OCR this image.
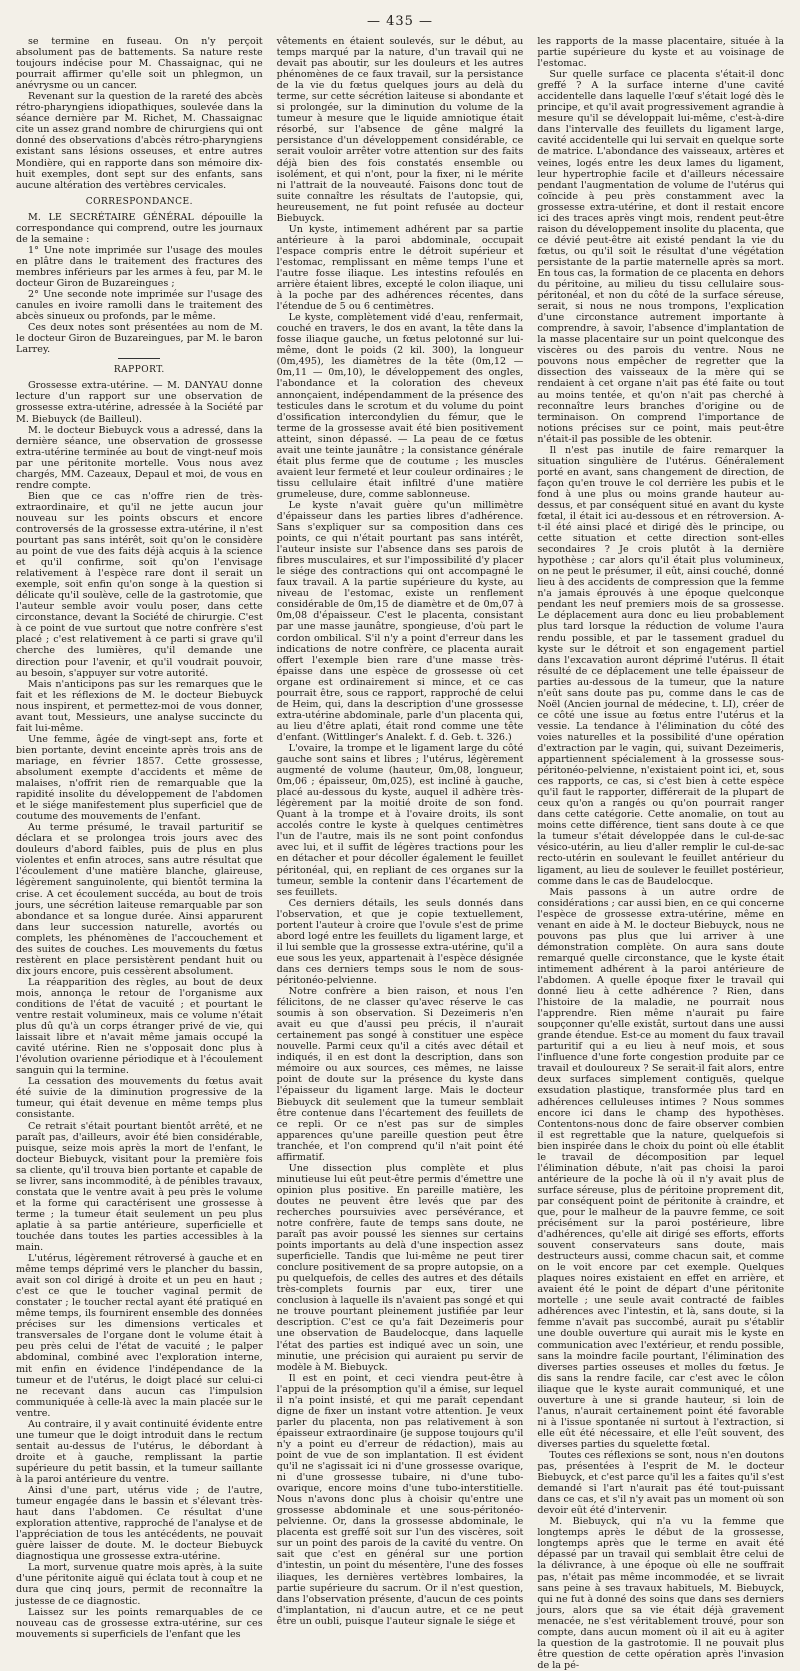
— 435 —

se termine en fuseau. On n'y perçoit absolument pas de battements. Sa nature reste toujours indécise pour M. Chassaignac, qui ne pourrait affirmer qu'elle soit un phlegmon, un anévrysme ou un cancer.

Revenant sur la question de la rareté des abcès rétro-pharyngiens idiopathiques, soulevée dans la séance dernière par M. Richet, M. Chassaignac cite un assez grand nombre de chirurgiens qui ont donné des observations d'abcès rétro-pharyngiens existant sans lésions osseuses, et entre autres Mondière, qui en rapporte dans son mémoire dix-huit exemples, dont sept sur des enfants, sans aucune altération des vertèbres cervicales.

CORRESPONDANCE.

M. LE SECRÉTAIRE GÉNÉRAL dépouille la correspondance qui comprend, outre les journaux de la semaine :

1° Une note imprimée sur l'usage des moules en plâtre dans le traitement des fractures des membres inférieurs par les armes à feu, par M. le docteur Giron de Buzareingues ;

2° Une seconde note imprimée sur l'usage des canules en ivoire ramolli dans le traitement des abcès sinueux ou profonds, par le même.

Ces deux notes sont présentées au nom de M. le docteur Giron de Buzareingues, par M. le baron Larrey.

RAPPORT.

Grossesse extra-utérine. — M. DANYAU donne lecture d'un rapport sur une observation de grossesse extra-utérine, adressée à la Société par M. Biebuyck (de Bailleul).

M. le docteur Biebuyck vous a adressé, dans la dernière séance, une observation de grossesse extra-utérine terminée au bout de vingt-neuf mois par une péritonite mortelle. Vous nous avez chargés, MM. Cazeaux, Depaul et moi, de vous en rendre compte.

Bien que ce cas n'offre rien de très-extraordinaire, et qu'il ne jette aucun jour nouveau sur les points obscurs et encore controversés de la grossesse extra-utérine, il n'est pourtant pas sans intérêt, soit qu'on le considère au point de vue des faits déjà acquis à la science et qu'il confirme, soit qu'on l'envisage relativement à l'espèce rare dont il serait un exemple, soit enfin qu'on songe à la question si délicate qu'il soulève, celle de la gastrotomie, que l'auteur semble avoir voulu poser, dans cette circonstance, devant la Société de chirurgie. C'est à ce point de vue surtout que notre confrère s'est placé ; c'est relativement à ce parti si grave qu'il cherche des lumières, qu'il demande une direction pour l'avenir, et qu'il voudrait pouvoir, au besoin, s'appuyer sur votre autorité.

Mais n'anticipons pas sur les remarques que le fait et les réflexions de M. le docteur Biebuyck nous inspirent, et permettez-moi de vous donner, avant tout, Messieurs, une analyse succincte du fait lui-même.

Une femme, âgée de vingt-sept ans, forte et bien portante, devint enceinte après trois ans de mariage, en février 1857. Cette grossesse, absolument exempte d'accidents et même de malaises, n'offrit rien de remarquable que la rapidité insolite du développement de l'abdomen et le siége manifestement plus superficiel que de coutume des mouvements de l'enfant.

Au terme présumé, le travail parturitif se déclara et se prolongea trois jours avec des douleurs d'abord faibles, puis de plus en plus violentes et enfin atroces, sans autre résultat que l'écoulement d'une matière blanche, glaireuse, légèrement sanguinolente, qui bientôt termina la crise. A cet écoulement succéda, au bout de trois jours, une sécrétion laiteuse remarquable par son abondance et sa longue durée. Ainsi apparurent dans leur succession naturelle, avortés ou complets, les phénomènes de l'accouchement et des suites de couches. Les mouvements du fœtus restèrent en place persistèrent pendant huit ou dix jours encore, puis cessèrent absolument.

La réapparition des règles, au bout de deux mois, annonça le retour de l'organisme aux conditions de l'état de vacuité ; et pourtant le ventre restait volumineux, mais ce volume n'était plus dû qu'à un corps étranger privé de vie, qui laissait libre et n'avait même jamais occupé la cavité utérine. Rien ne s'opposait donc plus à l'évolution ovarienne périodique et à l'écoulement sanguin qui la termine.

La cessation des mouvements du fœtus avait été suivie de la diminution progressive de la tumeur, qui était devenue en même temps plus consistante.

Ce retrait s'était pourtant bientôt arrêté, et ne paraît pas, d'ailleurs, avoir été bien considérable, puisque, seize mois après la mort de l'enfant, le docteur Biebuyck, visitant pour la première fois sa cliente, qu'il trouva bien portante et capable de se livrer, sans incommodité, à de pénibles travaux, constata que le ventre avait à peu près le volume et la forme qui caractérisent une grossesse à terme ; la tumeur était seulement un peu plus aplatie à sa partie antérieure, superficielle et touchée dans toutes les parties accessibles à la main.

L'utérus, légèrement rétroversé à gauche et en même temps déprimé vers le plancher du bassin, avait son col dirigé à droite et un peu en haut ; c'est ce que le toucher vaginal permit de constater ; le toucher rectal ayant été pratiqué en même temps, ils fournirent ensemble des données précises sur les dimensions verticales et transversales de l'organe dont le volume était à peu près celui de l'état de vacuité ; le palper abdominal, combiné avec l'exploration interne, mit enfin en évidence l'indépendance de la tumeur et de l'utérus, le doigt placé sur celui-ci ne recevant dans aucun cas l'impulsion communiquée à celle-là avec la main placée sur le ventre.

Au contraire, il y avait continuité évidente entre une tumeur que le doigt introduit dans le rectum sentait au-dessus de l'utérus, le débordant à droite et à gauche, remplissant la partie supérieure du petit bassin, et la tumeur saillante à la paroi antérieure du ventre.

Ainsi d'une part, utérus vide ; de l'autre, tumeur engagée dans le bassin et s'élevant très-haut dans l'abdomen. Ce résultat d'une exploration attentive, rapproché de l'analyse et de l'appréciation de tous les antécédents, ne pouvait guère laisser de doute. M. le docteur Biebuyck diagnostiqua une grossesse extra-utérine.

La mort, survenue quatre mois après, à la suite d'une péritonite aiguë qui éclata tout à coup et ne dura que cinq jours, permit de reconnaître la justesse de ce diagnostic.

Laissez sur les points remarquables de ce nouveau cas de grossesse extra-utérine, sur ces mouvements si superficiels de l'enfant que les

vêtements en étaient soulevés, sur le début, au temps marqué par la nature, d'un travail qui ne devait pas aboutir, sur les douleurs et les autres phénomènes de ce faux travail, sur la persistance de la vie du fœtus quelques jours au delà du terme, sur cette sécrétion laiteuse si abondante et si prolongée, sur la diminution du volume de la tumeur à mesure que le liquide amniotique était résorbé, sur l'absence de gêne malgré la persistance d'un développement considérable, ce serait vouloir arrêter votre attention sur des faits déjà bien des fois constatés ensemble ou isolément, et qui n'ont, pour la fixer, ni le mérite ni l'attrait de la nouveauté. Faisons donc tout de suite connaître les résultats de l'autopsie, qui, heureusement, ne fut point refusée au docteur Biebuyck.

Un kyste, intimement adhérent par sa partie antérieure à la paroi abdominale, occupait l'espace compris entre le détroit supérieur et l'estomac, remplissant en même temps l'une et l'autre fosse iliaque. Les intestins refoulés en arrière étaient libres, excepté le colon iliaque, uni à la poche par des adhérences récentes, dans l'étendue de 5 ou 6 centimètres.

Le kyste, complètement vidé d'eau, renfermait, couché en travers, le dos en avant, la tête dans la fosse iliaque gauche, un fœtus pelotonné sur lui-même, dont le poids (2 kil. 300), la longueur (0m,495), les diamètres de la tête (0m,12 — 0m,11 — 0m,10), le développement des ongles, l'abondance et la coloration des cheveux annonçaient, indépendamment de la présence des testicules dans le scrotum et du volume du point d'ossification intercondylien du fémur, que le terme de la grossesse avait été bien positivement atteint, sinon dépassé. — La peau de ce fœtus avait une teinte jaunâtre ; la consistance générale était plus ferme que de coutume ; les muscles avaient leur fermeté et leur couleur ordinaires ; le tissu cellulaire était infiltré d'une matière grumeleuse, dure, comme sablonneuse.

Le kyste n'avait guère qu'un millimètre d'épaisseur dans les parties libres d'adhérence. Sans s'expliquer sur sa composition dans ces points, ce qui n'était pourtant pas sans intérêt, l'auteur insiste sur l'absence dans ses parois de fibres musculaires, et sur l'impossibilité d'y placer le siége des contractions qui ont accompagné le faux travail. A la partie supérieure du kyste, au niveau de l'estomac, existe un renflement considérable de 0m,15 de diamètre et de 0m,07 à 0m,08 d'épaisseur. C'est le placenta, consistant par une masse jaunâtre, spongieuse, d'où part le cordon ombilical. S'il n'y a point d'erreur dans les indications de notre confrère, ce placenta aurait offert l'exemple bien rare d'une masse très-épaisse dans une espèce de grossesse où cet organe est ordinairement si mince, et ce cas pourrait être, sous ce rapport, rapproché de celui de Heim, qui, dans la description d'une grossesse extra-utérine abdominale, parle d'un placenta qui, au lieu d'être aplati, était rond comme une tête d'enfant. (Wittlinger's Analekt. f. d. Geb. t. 326.)

L'ovaire, la trompe et le ligament large du côté gauche sont sains et libres ; l'utérus, légèrement augmenté de volume (hauteur, 0m,08, longueur, 0m,06 ; épaisseur, 0m,025), est incliné à gauche, placé au-dessous du kyste, auquel il adhère très-légèrement par la moitié droite de son fond. Quant à la trompe et à l'ovaire droits, ils sont accolés contre le kyste à quelques centimètres l'un de l'autre, mais ils ne sont point confondus avec lui, et il suffit de légères tractions pour les en détacher et pour décoller également le feuillet péritonéal, qui, en repliant de ces organes sur la tumeur, semble la contenir dans l'écartement de ses feuillets.

Ces derniers détails, les seuls donnés dans l'observation, et que je copie textuellement, portent l'auteur à croire que l'ovule s'est de prime abord logé entre les feuillets du ligament large, et il lui semble que la grossesse extra-utérine, qu'il a eue sous les yeux, appartenait à l'espèce désignée dans ces derniers temps sous le nom de sous-péritonéo-pelvienne.

Notre confrère a bien raison, et nous l'en félicitons, de ne classer qu'avec réserve le cas soumis à son observation. Si Dezeimeris n'en avait eu que d'aussi peu précis, il n'aurait certainement pas songé à constituer une espèce nouvelle. Parmi ceux qu'il a cités avec détail et indiqués, il en est dont la description, dans son mémoire ou aux sources, ces mêmes, ne laisse point de doute sur la présence du kyste dans l'épaisseur du ligament large. Mais le docteur Biebuyck dit seulement que la tumeur semblait être contenue dans l'écartement des feuillets de ce repli. Or ce n'est pas sur de simples apparences qu'une pareille question peut être tranchée, et l'on comprend qu'il n'ait point été affirmatif.

Une dissection plus complète et plus minutieuse lui eût peut-être permis d'émettre une opinion plus positive. En pareille matière, les doutes ne peuvent être levés que par des recherches poursuivies avec persévérance, et notre confrère, faute de temps sans doute, ne paraît pas avoir poussé les siennes sur certains points importants au delà d'une inspection assez superficielle. Tandis que lui-même ne peut tirer conclure positivement de sa propre autopsie, on a pu quelquefois, de celles des autres et des détails très-complets fournis par eux, tirer une conclusion à laquelle ils n'avaient pas songé et qui ne trouve pourtant pleinement justifiée par leur description. C'est ce qu'a fait Dezeimeris pour une observation de Baudelocque, dans laquelle l'état des parties est indiqué avec un soin, une minutie, une précision qui auraient pu servir de modèle à M. Biebuyck.

Il est en point, et ceci viendra peut-être à l'appui de la présomption qu'il a émise, sur lequel il n'a point insisté, et qui me paraît cependant digne de fixer un instant votre attention. Je veux parler du placenta, non pas relativement à son épaisseur extraordinaire (je suppose toujours qu'il n'y a point eu d'erreur de rédaction), mais au point de vue de son implantation. Il est évident qu'il ne s'agissait ici ni d'une grossesse ovarique, ni d'une grossesse tubaire, ni d'une tubo-ovarique, encore moins d'une tubo-interstitielle. Nous n'avons donc plus à choisir qu'entre une grossesse abdominale et une sous-péritonéo-pelvienne. Or, dans la grossesse abdominale, le placenta est greffé soit sur l'un des viscères, soit sur un point des parois de la cavité du ventre. On sait que c'est en général sur une portion d'intestin, un point du mésentère, l'une des fosses iliaques, les dernières vertèbres lombaires, la partie supérieure du sacrum. Or il n'est question, dans l'observation présente, d'aucun de ces points d'implantation, ni d'aucun autre, et ce ne peut être un oubli, puisque l'auteur signale le siége et

les rapports de la masse placentaire, située à la partie supérieure du kyste et au voisinage de l'estomac.

Sur quelle surface ce placenta s'était-il donc greffé ? A la surface interne d'une cavité accidentelle dans laquelle l'œuf s'était logé dès le principe, et qu'il avait progressivement agrandie à mesure qu'il se développait lui-même, c'est-à-dire dans l'intervalle des feuillets du ligament large, cavité accidentelle qui lui servait en quelque sorte de matrice. L'abondance des vaisseaux, artères et veines, logés entre les deux lames du ligament, leur hypertrophie facile et d'ailleurs nécessaire pendant l'augmentation de volume de l'utérus qui coïncide à peu près constamment avec la grossesse extra-utérine, et dont il restait encore ici des traces après vingt mois, rendent peut-être raison du développement insolite du placenta, que ce dévié peut-être ait existé pendant la vie du fœtus, ou qu'il soit le résultat d'une végétation persistante de la partie maternelle après sa mort. En tous cas, la formation de ce placenta en dehors du péritoine, au milieu du tissu cellulaire sous-péritonéal, et non du côté de la surface séreuse, serait, si nous ne nous trompons, l'explication d'une circonstance autrement importante à comprendre, à savoir, l'absence d'implantation de la masse placentaire sur un point quelconque des viscères ou des parois du ventre. Nous ne pouvons nous empêcher de regretter que la dissection des vaisseaux de la mère qui se rendaient à cet organe n'ait pas été faite ou tout au moins tentée, et qu'on n'ait pas cherché à reconnaître leurs branches d'origine ou de terminaison. On comprend l'importance de notions précises sur ce point, mais peut-être n'était-il pas possible de les obtenir.

Il n'est pas inutile de faire remarquer la situation singulière de l'utérus. Généralement porté en avant, sans changement de direction, de façon qu'en trouve le col derrière les pubis et le fond à une plus ou moins grande hauteur au-dessus, et par conséquent situé en avant du kyste fœtal, il était ici au-dessous et en rétroversion. A-t-il été ainsi placé et dirigé dès le principe, ou cette situation et cette direction sont-elles secondaires ? Je crois plutôt à la dernière hypothèse ; car alors qu'il était plus volumineux, on ne peut le présumer, il eût, ainsi couché, donné lieu à des accidents de compression que la femme n'a jamais éprouvés à une époque quelconque pendant les neuf premiers mois de sa grossesse. Le déplacement aura donc eu lieu probablement plus tard lorsque la réduction de volume l'aura rendu possible, et par le tassement graduel du kyste sur le détroit et son engagement partiel dans l'excavation auront déprimé l'utérus. Il était résulté de ce déplacement une telle épaisseur de parties au-dessous de la tumeur, que la nature n'eût sans doute pas pu, comme dans le cas de Noël (Ancien journal de médecine, t. LI), créer de ce côté une issue au fœtus entre l'utérus et la vessie. La tendance à l'élimination du côté des voies naturelles et la possibilité d'une opération d'extraction par le vagin, qui, suivant Dezeimeris, appartiennent spécialement à la grossesse sous-péritonéo-pelvienne, n'existaient point ici, et, sous ces rapports, ce cas, si c'est bien à cette espèce qu'il faut le rapporter, différerait de la plupart de ceux qu'on a rangés ou qu'on pourrait ranger dans cette catégorie. Cette anomalie, on tout au moins cette différence, tient sans doute à ce que la tumeur s'était développée dans le cul-de-sac vésico-utérin, au lieu d'aller remplir le cul-de-sac recto-utérin en soulevant le feuillet antérieur du ligament, au lieu de soulever le feuillet postérieur, comme dans le cas de Baudelocque.

Mais passons à un autre ordre de considérations ; car aussi bien, en ce qui concerne l'espèce de grossesse extra-utérine, même en venant en aide à M. le docteur Biebuyck, nous ne pouvons pas plus que lui arriver à une démonstration complète. On aura sans doute remarqué quelle circonstance, que le kyste était intimement adhérent à la paroi antérieure de l'abdomen. A quelle époque fixer le travail qui donné lieu à cette adhérence ? Rien, dans l'histoire de la maladie, ne pourrait nous l'apprendre. Rien même n'aurait pu faire soupçonner qu'elle existât, surtout dans une aussi grande étendue. Est-ce au moment du faux travail parturitif qui a eu lieu à neuf mois, et sous l'influence d'une forte congestion produite par ce travail et douloureux ? Se serait-il fait alors, entre deux surfaces simplement contiguës, quelque exsudation plastique, transformée plus tard en adhérences celluleuses intimes ? Nous sommes encore ici dans le champ des hypothèses. Contentons-nous donc de faire observer combien il est regrettable que la nature, quelquefois si bien inspirée dans le choix du point où elle établit le travail de décomposition par lequel l'élimination débute, n'ait pas choisi la paroi antérieure de la poche là où il n'y avait plus de surface séreuse, plus de péritoine proprement dit, par conséquent point de péritonite à craindre, et que, pour le malheur de la pauvre femme, ce soit précisément sur la paroi postérieure, libre d'adhérences, qu'elle ait dirigé ses efforts, efforts souvent conservateurs sans doute, mais destructeurs aussi, comme chacun sait, et comme on le voit encore par cet exemple. Quelques plaques noires existaient en effet en arrière, et avaient été le point de départ d'une péritonite mortelle ; une seule avait contracté de faibles adhérences avec l'intestin, et là, sans doute, si la femme n'avait pas succombé, aurait pu s'établir une double ouverture qui aurait mis le kyste en communication avec l'extérieur, et rendu possible, sans la moindre facile pourtant, l'élimination des diverses parties osseuses et molles du fœtus. Je dis sans la rendre facile, car c'est avec le côlon iliaque que le kyste aurait communiqué, et une ouverture à une si grande hauteur, si loin de l'anus, n'aurait certainement point été favorable ni à l'issue spontanée ni surtout à l'extraction, si elle eût été nécessaire, et elle l'eût souvent, des diverses parties du squelette fœtal.

Toutes ces réflexions se sont, nous n'en doutons pas, présentées à l'esprit de M. le docteur Biebuyck, et c'est parce qu'il les a faites qu'il s'est demandé si l'art n'aurait pas été tout-puissant dans ce cas, et s'il n'y avait pas un moment où son devoir eût été d'intervenir.

M. Biebuyck, qui n'a vu la femme que longtemps après le début de la grossesse, longtemps après que le terme en avait été dépassé par un travail qui semblait être celui de la délivrance, à une époque où elle ne souffrait pas, n'était pas même incommodée, et se livrait sans peine à ses travaux habituels, M. Biebuyck, qui ne fut à donné des soins que dans ses derniers jours, alors que sa vie était déjà gravement menacée, ne s'est véritablement trouvé, pour son compte, dans aucun moment où il ait eu à agiter la question de la gastrotomie. Il ne pouvait plus être question de cette opération après l'invasion de la pé-
